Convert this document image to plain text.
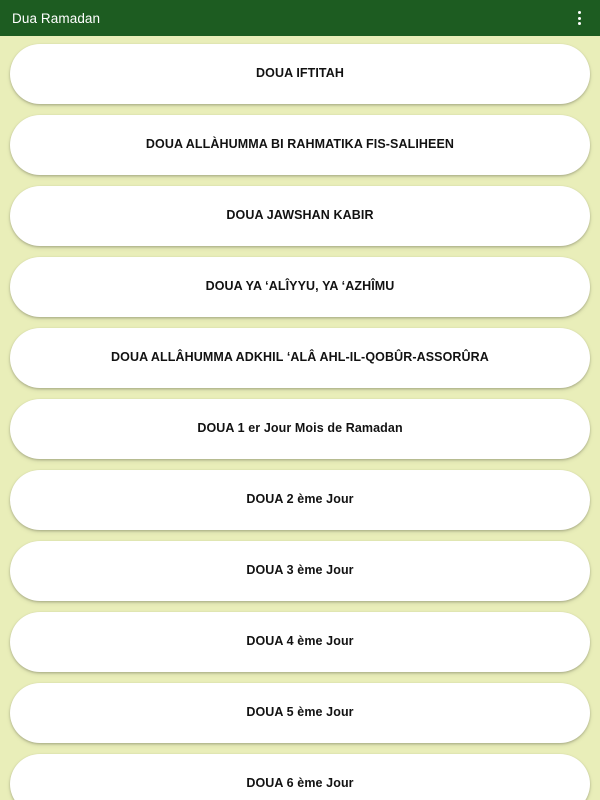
Dua Ramadan
DOUA IFTITAH
DOUA ALLÀHUMMA BI RAHMATIKA FIS-SALIHEEN
DOUA JAWSHAN KABIR
DOUA YA ‘ALÎYYU, YA ‘AZHÎMU
DOUA ALLÂHUMMA ADKHIL ‘ALÂ AHL-IL-QOBÛR-ASSORÛRA
DOUA 1 er Jour Mois de Ramadan
DOUA 2 ème Jour
DOUA 3 ème Jour
DOUA 4 ème Jour
DOUA 5 ème Jour
DOUA 6 ème Jour
